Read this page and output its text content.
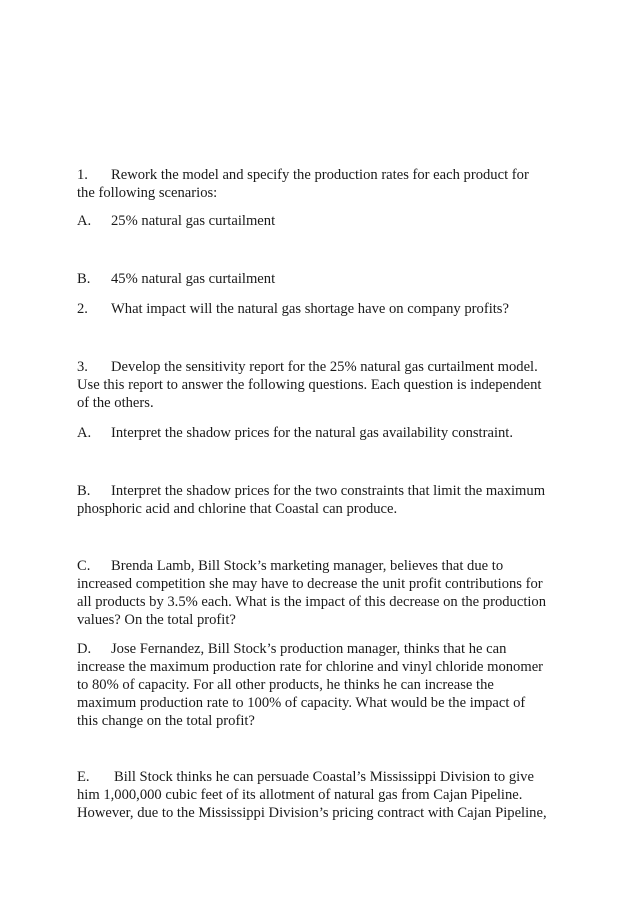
1. Rework the model and specify the production rates for each product for
the following scenarios:
A. 25% natural gas curtailment
B. 45% natural gas curtailment
2. What impact will the natural gas shortage have on company profits?
3. Develop the sensitivity report for the 25% natural gas curtailment model.
Use this report to answer the following questions. Each question is independent
of the others.
A. Interpret the shadow prices for the natural gas availability constraint.
B. Interpret the shadow prices for the two constraints that limit the maximum
phosphoric acid and chlorine that Coastal can produce.
C. Brenda Lamb, Bill Stock’s marketing manager, believes that due to
increased competition she may have to decrease the unit profit contributions for
all products by 3.5% each. What is the impact of this decrease on the production
values? On the total profit?
D. Jose Fernandez, Bill Stock’s production manager, thinks that he can
increase the maximum production rate for chlorine and vinyl chloride monomer
to 80% of capacity. For all other products, he thinks he can increase the
maximum production rate to 100% of capacity. What would be the impact of
this change on the total profit?
E. Bill Stock thinks he can persuade Coastal’s Mississippi Division to give
him 1,000,000 cubic feet of its allotment of natural gas from Cajan Pipeline.
However, due to the Mississippi Division’s pricing contract with Cajan Pipeline,
